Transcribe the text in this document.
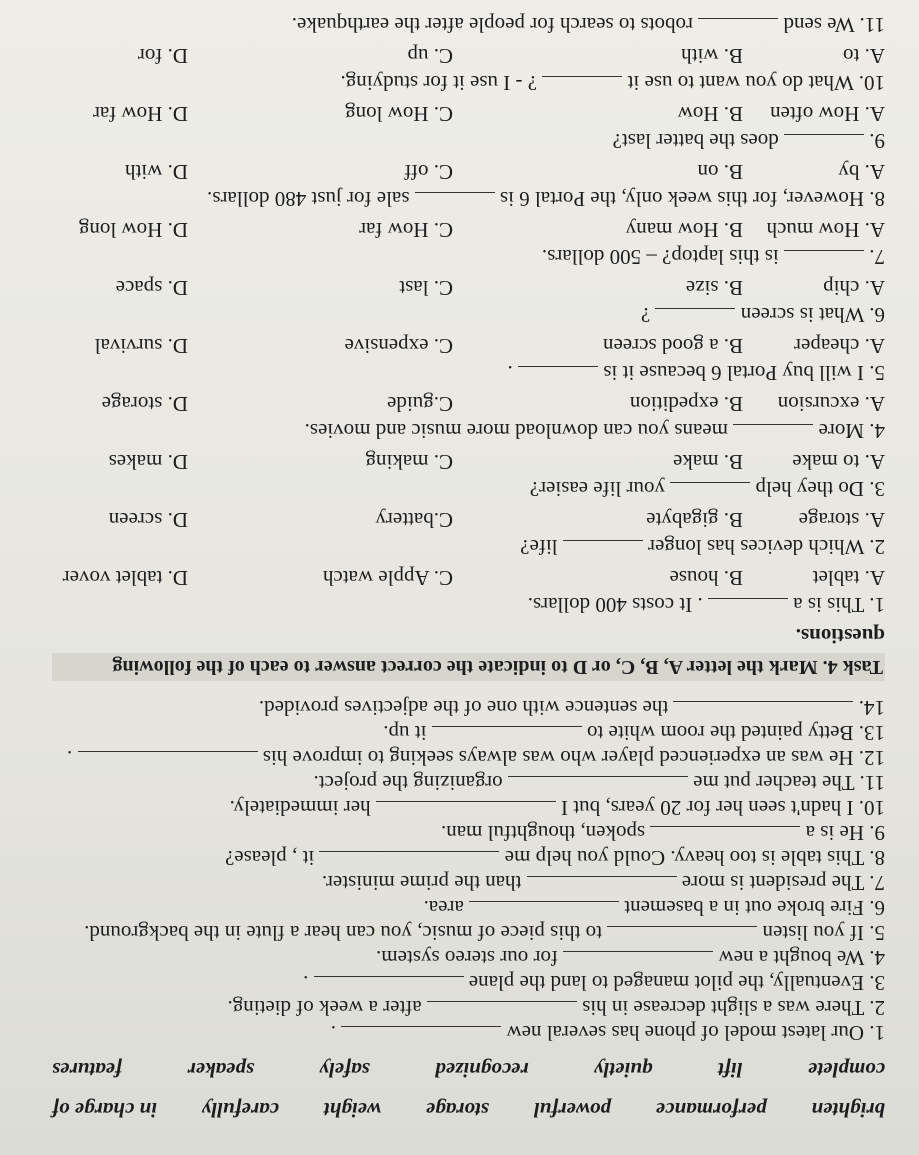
brighten
performance
powerful
storage
weight
carefully
in charge of
complete
lift
quietly
recognized
safely
speaker
features
1. Our latest model of phone has several new  .
2. There was a slight decrease in his  after a week of dieting.
3. Eventually, the pilot managed to land the plane  .
4. We bought a new  for our stereo system.
5. If you listen  to this piece of music, you can hear a flute in the background.
6. Fire broke out in a basement  area.
7. The president is more  than the prime minister.
8. This table is too heavy. Could you help me  it , please?
9. He is a  spoken, thoughtful man.
10. I hadn't seen her for 20 years, but I  her immediately.
11. The teacher put me  organizing the project.
12. He was an experienced player who was always seeking to improve his  .
13. Betty painted the room white to  it up.
14.  the sentence with one of the adjectives provided.
Task 4. Mark the letter A, B, C, or D to indicate the correct answer to each of the following
questions.
1. This is a  . It costs 400 dollars.
A. tablet
B. house
C. Apple watch
D. tablet vover
2. Which devices has longer  life?
A. storage
B. gigabyte
C.battery
D. screen
3. Do they help  your life easier?
A. to make
B. make
C. making
D. makes
4. More  means you can download more music and movies.
A. excursion
B. expedition
C.guide
D. storage
5. I will buy Portal 6 because it is  .
A. cheaper
B. a good screen
C. expensive
D. survival
6. What is screen  ?
A. chip
B. size
C. last
D. space
7.  is this laptop? – 500 dollars.
A. How much
B. How many
C. How far
D. How long
8. However, for this week only, the Portal 6 is  sale for just 480 dollars.
A. by
B. on
C. off
D. with
9.  does the batter last?
A. How often
B. How
C. How long
D. How far
10. What do you want to use it  ? - I use it for studying.
A. to
B. with
C. up
D. for
11. We send  robots to search for people after the earthquake.
